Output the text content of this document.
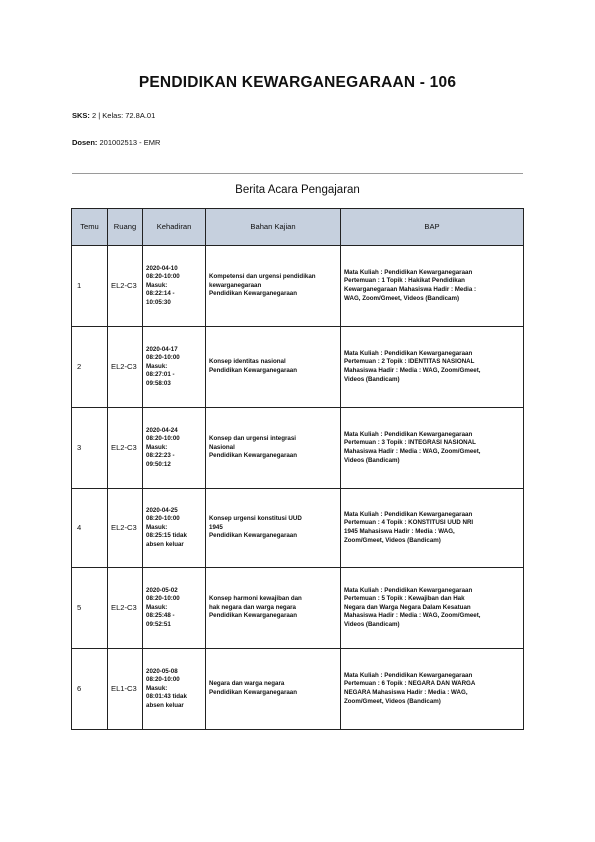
PENDIDIKAN KEWARGANEGARAAN - 106
SKS: 2 | Kelas: 72.8A.01
Dosen: 201002513 - EMR
Berita Acara Pengajaran
Temu	Ruang	Kehadiran	Bahan Kajian	BAP
1	EL2-C3	2020-04-10
08:20-10:00
Masuk:
08:22:14 -
10:05:30	Kompetensi dan urgensi pendidikan
kewarganegaraan
Pendidikan Kewarganegaraan	Mata Kuliah : Pendidikan Kewarganegaraan
Pertemuan : 1 Topik : Hakikat Pendidikan
Kewarganegaraan Mahasiswa Hadir : Media :
WAG, Zoom/Gmeet, Videos (Bandicam)

2	EL2-C3	2020-04-17
08:20-10:00
Masuk:
08:27:01 -
09:58:03	Konsep identitas nasional
Pendidikan Kewarganegaraan	Mata Kuliah : Pendidikan Kewarganegaraan
Pertemuan : 2 Topik : IDENTITAS NASIONAL
Mahasiswa Hadir : Media : WAG, Zoom/Gmeet,
Videos (Bandicam)

3	EL2-C3	2020-04-24
08:20-10:00
Masuk:
08:22:23 -
09:50:12	Konsep dan urgensi integrasi
Nasional
Pendidikan Kewarganegaraan	Mata Kuliah : Pendidikan Kewarganegaraan
Pertemuan : 3 Topik : INTEGRASI NASIONAL
Mahasiswa Hadir : Media : WAG, Zoom/Gmeet,
Videos (Bandicam)

4	EL2-C3	2020-04-25
08:20-10:00
Masuk:
08:25:15 tidak
absen keluar	Konsep urgensi konstitusi UUD
1945
Pendidikan Kewarganegaraan	Mata Kuliah : Pendidikan Kewarganegaraan
Pertemuan : 4 Topik : KONSTITUSI UUD NRI
1945 Mahasiswa Hadir : Media : WAG,
Zoom/Gmeet, Videos (Bandicam)

5	EL2-C3	2020-05-02
08:20-10:00
Masuk:
08:25:48 -
09:52:51	Konsep harmoni kewajiban dan
hak negara dan warga negara
Pendidikan Kewarganegaraan	Mata Kuliah : Pendidikan Kewarganegaraan
Pertemuan : 5 Topik : Kewajiban dan Hak
Negara dan Warga Negara Dalam Kesatuan
Mahasiswa Hadir : Media : WAG, Zoom/Gmeet,
Videos (Bandicam)

6	EL1-C3	2020-05-08
08:20-10:00
Masuk:
08:01:43 tidak
absen keluar	Negara dan warga negara
Pendidikan Kewarganegaraan	Mata Kuliah : Pendidikan Kewarganegaraan
Pertemuan : 6 Topik : NEGARA DAN WARGA
NEGARA Mahasiswa Hadir : Media : WAG,
Zoom/Gmeet, Videos (Bandicam)
